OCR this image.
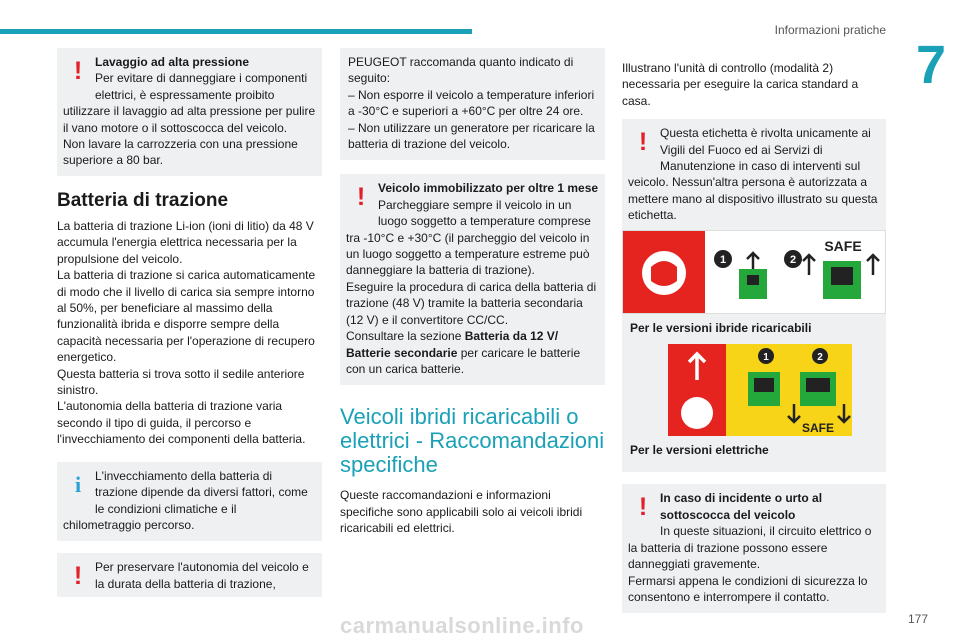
Informazioni pratiche
7
177
carmanualsonline.info
!	Lavaggio ad alta pressione
Per evitare di danneggiare i componenti elettrici, è espressamente proibito utilizzare il lavaggio ad alta pressione per pulire il vano motore o il sottoscocca del veicolo.
Non lavare la carrozzeria con una pressione superiore a 80 bar.
Batteria di trazione
La batteria di trazione Li-ion (ioni di litio) da 48 V accumula l'energia elettrica necessaria per la propulsione del veicolo.
La batteria di trazione si carica automaticamente di modo che il livello di carica sia sempre intorno al 50%, per beneficiare al massimo della funzionalità ibrida e disporre sempre della capacità necessaria per l'operazione di recupero energetico.
Questa batteria si trova sotto il sedile anteriore sinistro.
L'autonomia della batteria di trazione varia secondo il tipo di guida, il percorso e l'invecchiamento dei componenti della batteria.
i	L'invecchiamento della batteria di trazione dipende da diversi fattori, come le condizioni climatiche e il chilometraggio percorso.
!	Per preservare l'autonomia del veicolo e la durata della batteria di trazione,
PEUGEOT raccomanda quanto indicato di seguito:
– Non esporre il veicolo a temperature inferiori a -30°C e superiori a +60°C per oltre 24 ore.
– Non utilizzare un generatore per ricaricare la batteria di trazione del veicolo.
!	Veicolo immobilizzato per oltre 1 mese
Parcheggiare sempre il veicolo in un luogo soggetto a temperature comprese tra -10°C e +30°C (il parcheggio del veicolo in un luogo soggetto a temperature estreme può danneggiare la batteria di trazione).
Eseguire la procedura di carica della batteria di trazione (48 V) tramite la batteria secondaria (12 V) e il convertitore CC/CC.
Consultare la sezione Batteria da 12 V/ Batterie secondarie per caricare le batterie con un carica batterie.
Veicoli ibridi ricaricabili o elettrici - Raccomandazioni specifiche
Queste raccomandazioni e informazioni specifiche sono applicabili solo ai veicoli ibridi ricaricabili ed elettrici.
Illustrano l'unità di controllo (modalità 2) necessaria per eseguire la carica standard a casa.
!	Questa etichetta è rivolta unicamente ai Vigili del Fuoco ed ai Servizi di Manutenzione in caso di interventi sul veicolo. Nessun'altra persona è autorizzata a mettere mano al dispositivo illustrato su questa etichetta.
1	2
SAFE
Per le versioni ibride ricaricabili
1	2
SAFE
Per le versioni elettriche
!	In caso di incidente o urto al sottoscocca del veicolo
In queste situazioni, il circuito elettrico o la batteria di trazione possono essere danneggiati gravemente.
Fermarsi appena le condizioni di sicurezza lo consentono e interrompere il contatto.
